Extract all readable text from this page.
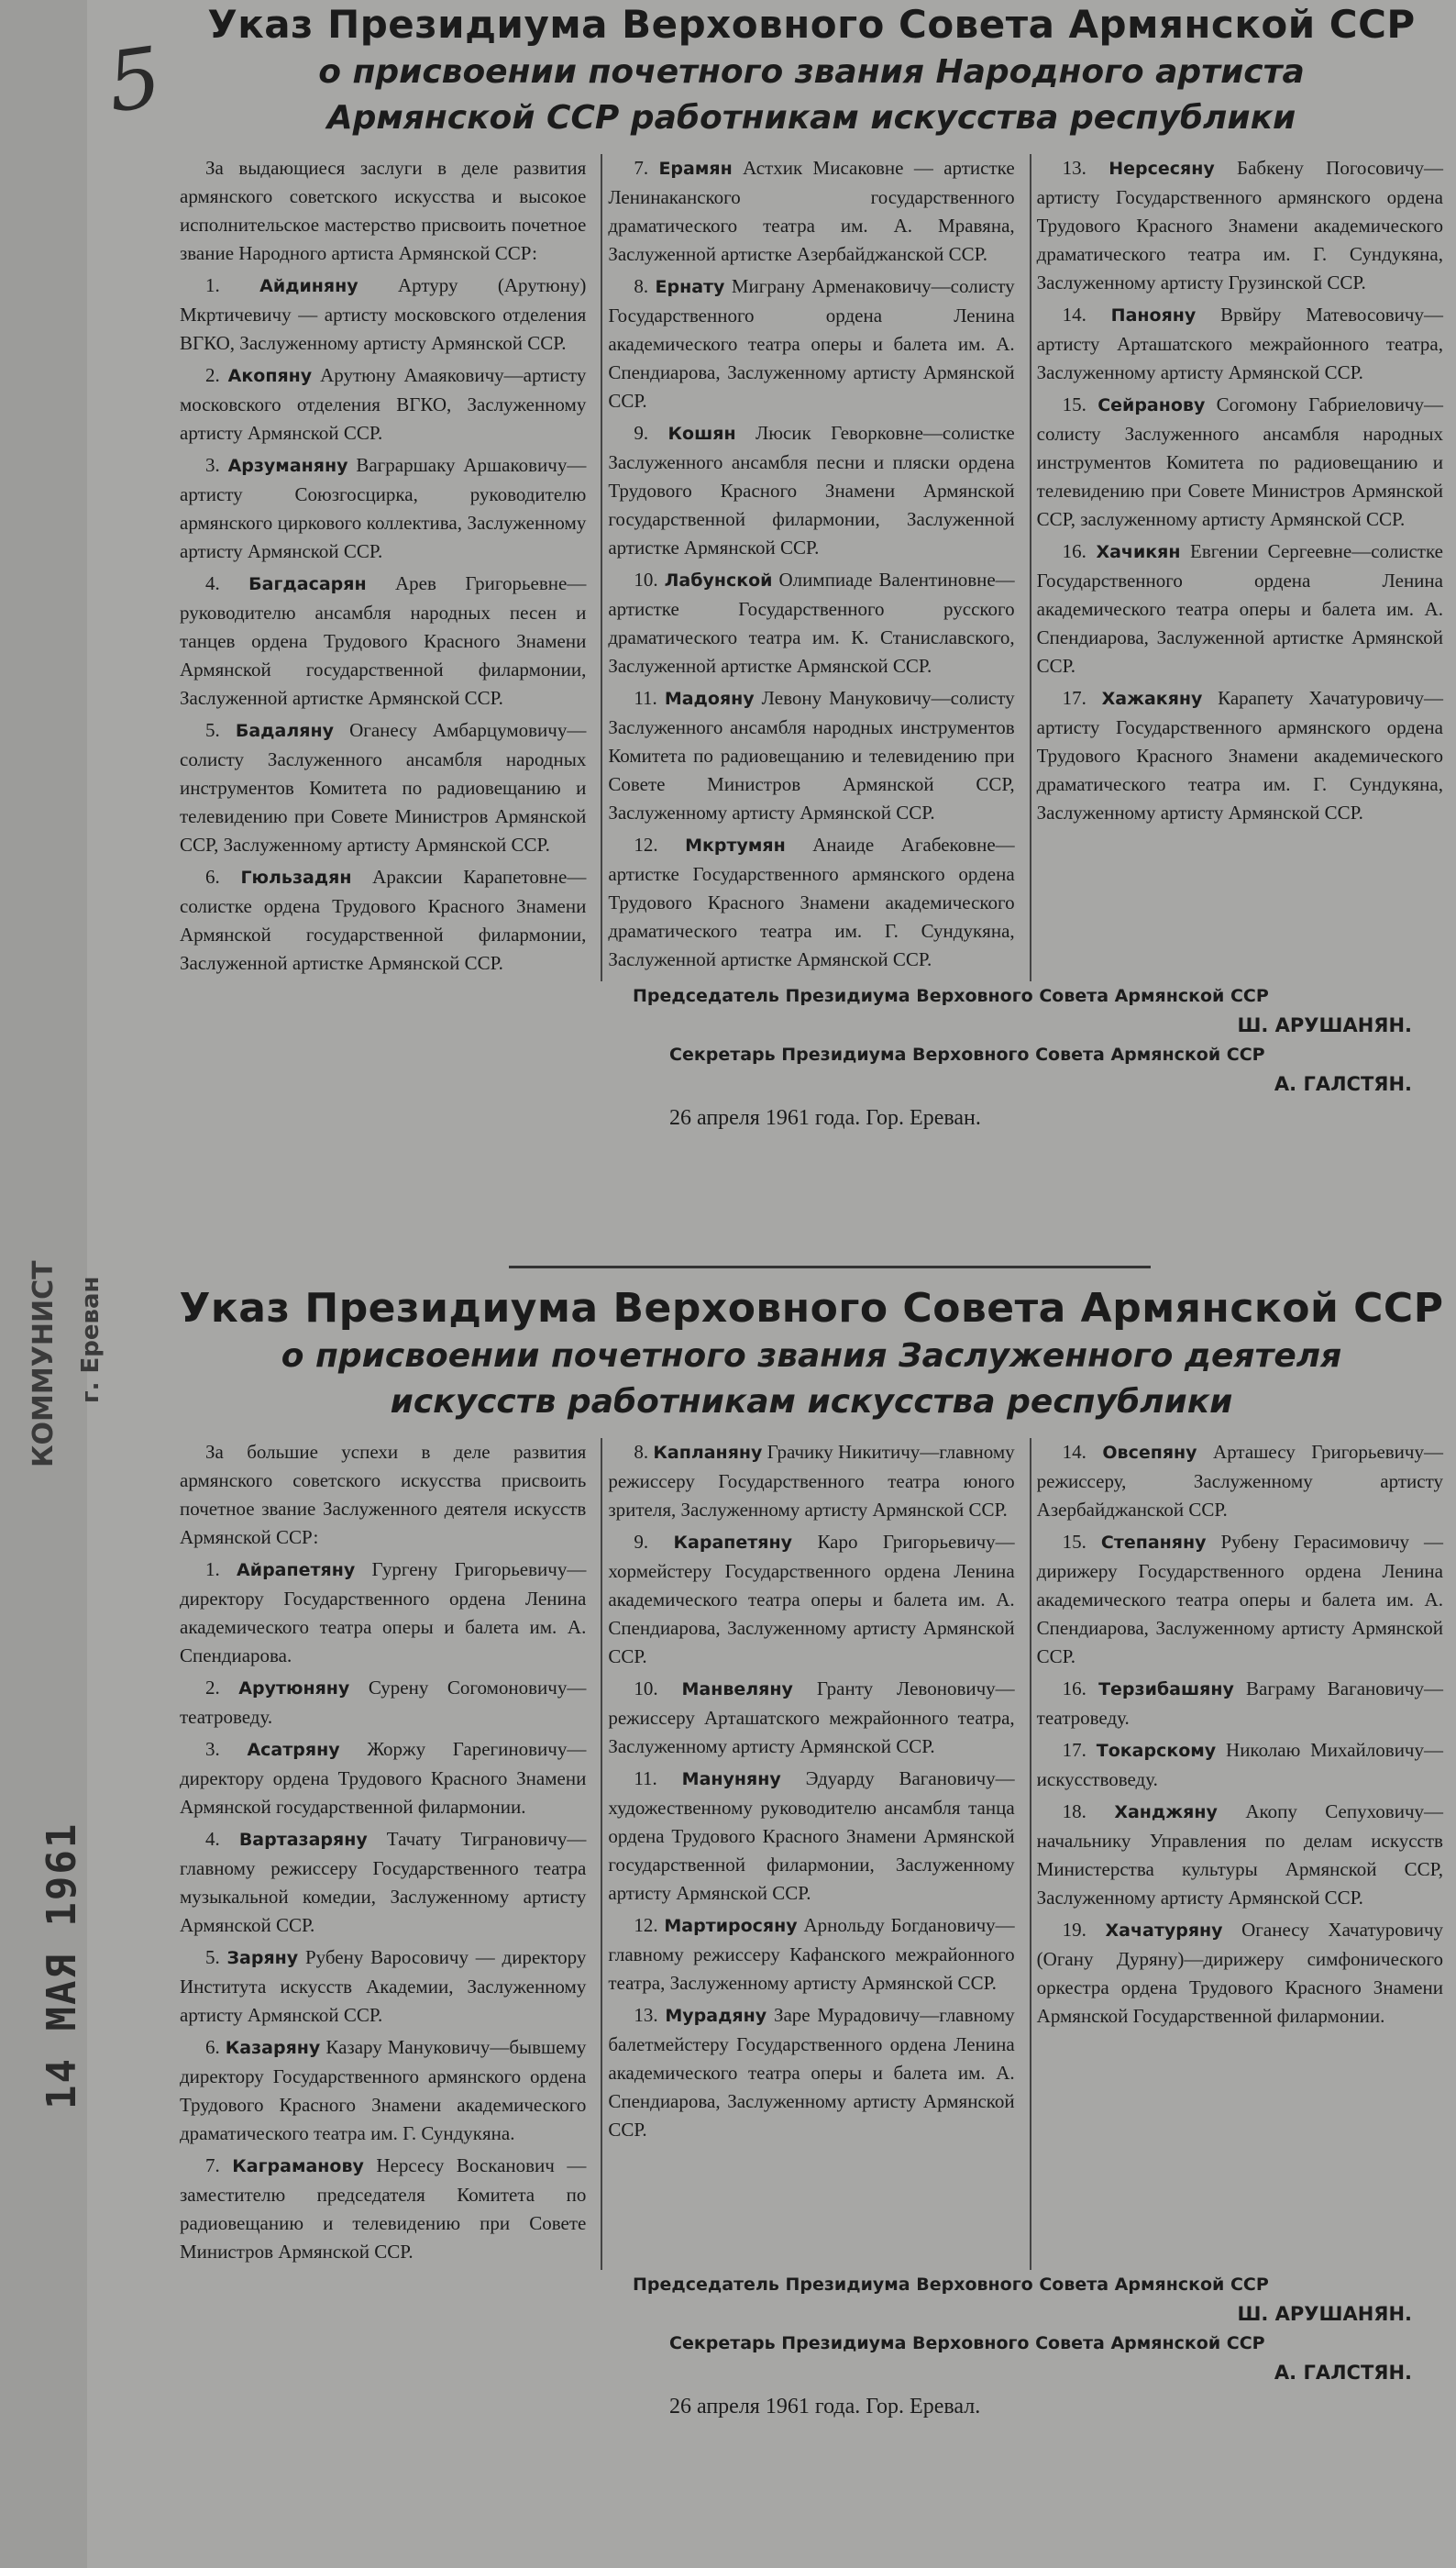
5
14 МАЯ 1961
КОММУНИСТ г. Ереван
Указ Президиума Верховного Совета Армянской ССР
о присвоении почетного звания Народного артиста
Армянской ССР работникам искусства республики

За выдающиеся заслуги в деле развития армянского советского искусства и высокое исполнительское мастерство присвоить почетное звание Народного артиста Армянской ССР:

1. Айдиняну Артуру (Арутюну) Мкртичевичу — артисту московского отделения ВГКО, Заслуженному артисту Армянской ССР.

2. Акопяну Арутюну Амаяковичу—артисту московского отделения ВГКО, Заслуженному артисту Армянской ССР.

3. Арзуманяну Ваграршаку Аршаковичу—артисту Союзгосцирка, руководителю армянского циркового коллектива, Заслуженному артисту Армянской ССР.

4. Багдасарян Арев Григорьевне—руководителю ансамбля народных песен и танцев ордена Трудового Красного Знамени Армянской государственной филармонии, Заслуженной артистке Армянской ССР.

5. Бадаляну Оганесу Амбарцумовичу—солисту Заслуженного ансамбля народных инструментов Комитета по радиовещанию и телевидению при Совете Министров Армянской ССР, Заслуженному артисту Армянской ССР.

6. Гюльзадян Араксии Карапетовне—солистке ордена Трудового Красного Знамени Армянской государственной филармонии, Заслуженной артистке Армянской ССР.

7. Ерамян Астхик Мисаковне — артистке Ленинаканского государственного драматического театра им. А. Мравяна, Заслуженной артистке Азербайджанской ССР.

8. Ернату Миграну Арменаковичу—солисту Государственного ордена Ленина академического театра оперы и балета им. А. Спендиарова, Заслуженному артисту Армянской ССР.

9. Кошян Люсик Геворковне—солистке Заслуженного ансамбля песни и пляски ордена Трудового Красного Знамени Армянской государственной филармонии, Заслуженной артистке Армянской ССР.

10. Лабунской Олимпиаде Валентиновне—артистке Государственного русского драматического театра им. К. Станиславского, Заслуженной артистке Армянской ССР.

11. Мадояну Левону Мануковичу—солисту Заслуженного ансамбля народных инструментов Комитета по радиовещанию и телевидению при Совете Министров Армянской ССР, Заслуженному артисту Армянской ССР.

12. Мкртумян Анаиде Агабековне—артистке Государственного армянского ордена Трудового Красного Знамени академического драматического театра им. Г. Сундукяна, Заслуженной артистке Армянской ССР.

13. Нерсесяну Бабкену Погосовичу—артисту Государственного армянского ордена Трудового Красного Знамени академического драматического театра им. Г. Сундукяна, Заслуженному артисту Грузинской ССР.

14. Панояну Врвйру Матевосовичу—артисту Арташатского межрайонного театра, Заслуженному артисту Армянской ССР.

15. Сейранову Согомону Габриеловичу—солисту Заслуженного ансамбля народных инструментов Комитета по радиовещанию и телевидению при Совете Министров Армянской ССР, заслуженному артисту Армянской ССР.

16. Хачикян Евгении Сергеевне—солистке Государственного ордена Ленина академического театра оперы и балета им. А. Спендиарова, Заслуженной артистке Армянской ССР.

17. Хажакяну Карапету Хачатуровичу—артисту Государственного армянского ордена Трудового Красного Знамени академического драматического театра им. Г. Сундукяна, Заслуженному артисту Армянской ССР.

Председатель Президиума Верховного Совета Армянской ССР
Ш. АРУШАНЯН.
Секретарь Президиума Верховного Совета Армянской ССР
А. ГАЛСТЯН.
26 апреля 1961 года. Гор. Ереван.
Указ Президиума Верховного Совета Армянской ССР
о присвоении почетного звания Заслуженного деятеля
искусств работникам искусства республики

За большие успехи в деле развития армянского советского искусства присвоить почетное звание Заслуженного деятеля искусств Армянской ССР:

1. Айрапетяну Гургену Григорьевичу—директору Государственного ордена Ленина академического театра оперы и балета им. А. Спендиарова.

2. Арутюняну Сурену Согомоновичу—театроведу.

3. Асатряну Жоржу Гарегиновичу—директору ордена Трудового Красного Знамени Армянской государственной филармонии.

4. Вартазаряну Тачату Тиграновичу—главному режиссеру Государственного театра музыкальной комедии, Заслуженному артисту Армянской ССР.

5. Заряну Рубену Варосовичу — директору Института искусств Академии, Заслуженному артисту Армянской ССР.

6. Казаряну Казару Мануковичу—бывшему директору Государственного армянского ордена Трудового Красного Знамени академического драматического театра им. Г. Сундукяна.

7. Каграманову Нерсесу Восканович — заместителю председателя Комитета по радиовещанию и телевидению при Совете Министров Армянской ССР.

8. Капланяну Грачику Никитичу—главному режиссеру Государственного театра юного зрителя, Заслуженному артисту Армянской ССР.

9. Карапетяну Каро Григорьевичу—хормейстеру Государственного ордена Ленина академического театра оперы и балета им. А. Спендиарова, Заслуженному артисту Армянской ССР.

10. Манвеляну Гранту Левоновичу—режиссеру Арташатского межрайонного театра, Заслуженному артисту Армянской ССР.

11. Мануняну Эдуарду Вагановичу—художественному руководителю ансамбля танца ордена Трудового Красного Знамени Армянской государственной филармонии, Заслуженному артисту Армянской ССР.

12. Мартиросяну Арнольду Богдановичу—главному режиссеру Кафанского межрайонного театра, Заслуженному артисту Армянской ССР.

13. Мурадяну Заре Мурадовичу—главному балетмейстеру Государственного ордена Ленина академического театра оперы и балета им. А. Спендиарова, Заслуженному артисту Армянской ССР.

14. Овсепяну Арташесу Григорьевичу—режиссеру, Заслуженному артисту Азербайджанской ССР.

15. Степаняну Рубену Герасимовичу — дирижеру Государственного ордена Ленина академического театра оперы и балета им. А. Спендиарова, Заслуженному артисту Армянской ССР.

16. Терзибашяну Ваграму Вагановичу—театроведу.

17. Токарскому Николаю Михайловичу—искусствоведу.

18. Ханджяну Акопу Сепуховичу—начальнику Управления по делам искусств Министерства культуры Армянской ССР, Заслуженному артисту Армянской ССР.

19. Хачатуряну Оганесу Хачатуровичу (Огану Дуряну)—дирижеру симфонического оркестра ордена Трудового Красного Знамени Армянской Государственной филармонии.

Председатель Президиума Верховного Совета Армянской ССР
Ш. АРУШАНЯН.
Секретарь Президиума Верховного Совета Армянской ССР
А. ГАЛСТЯН.
26 апреля 1961 года. Гор. Еревал.
